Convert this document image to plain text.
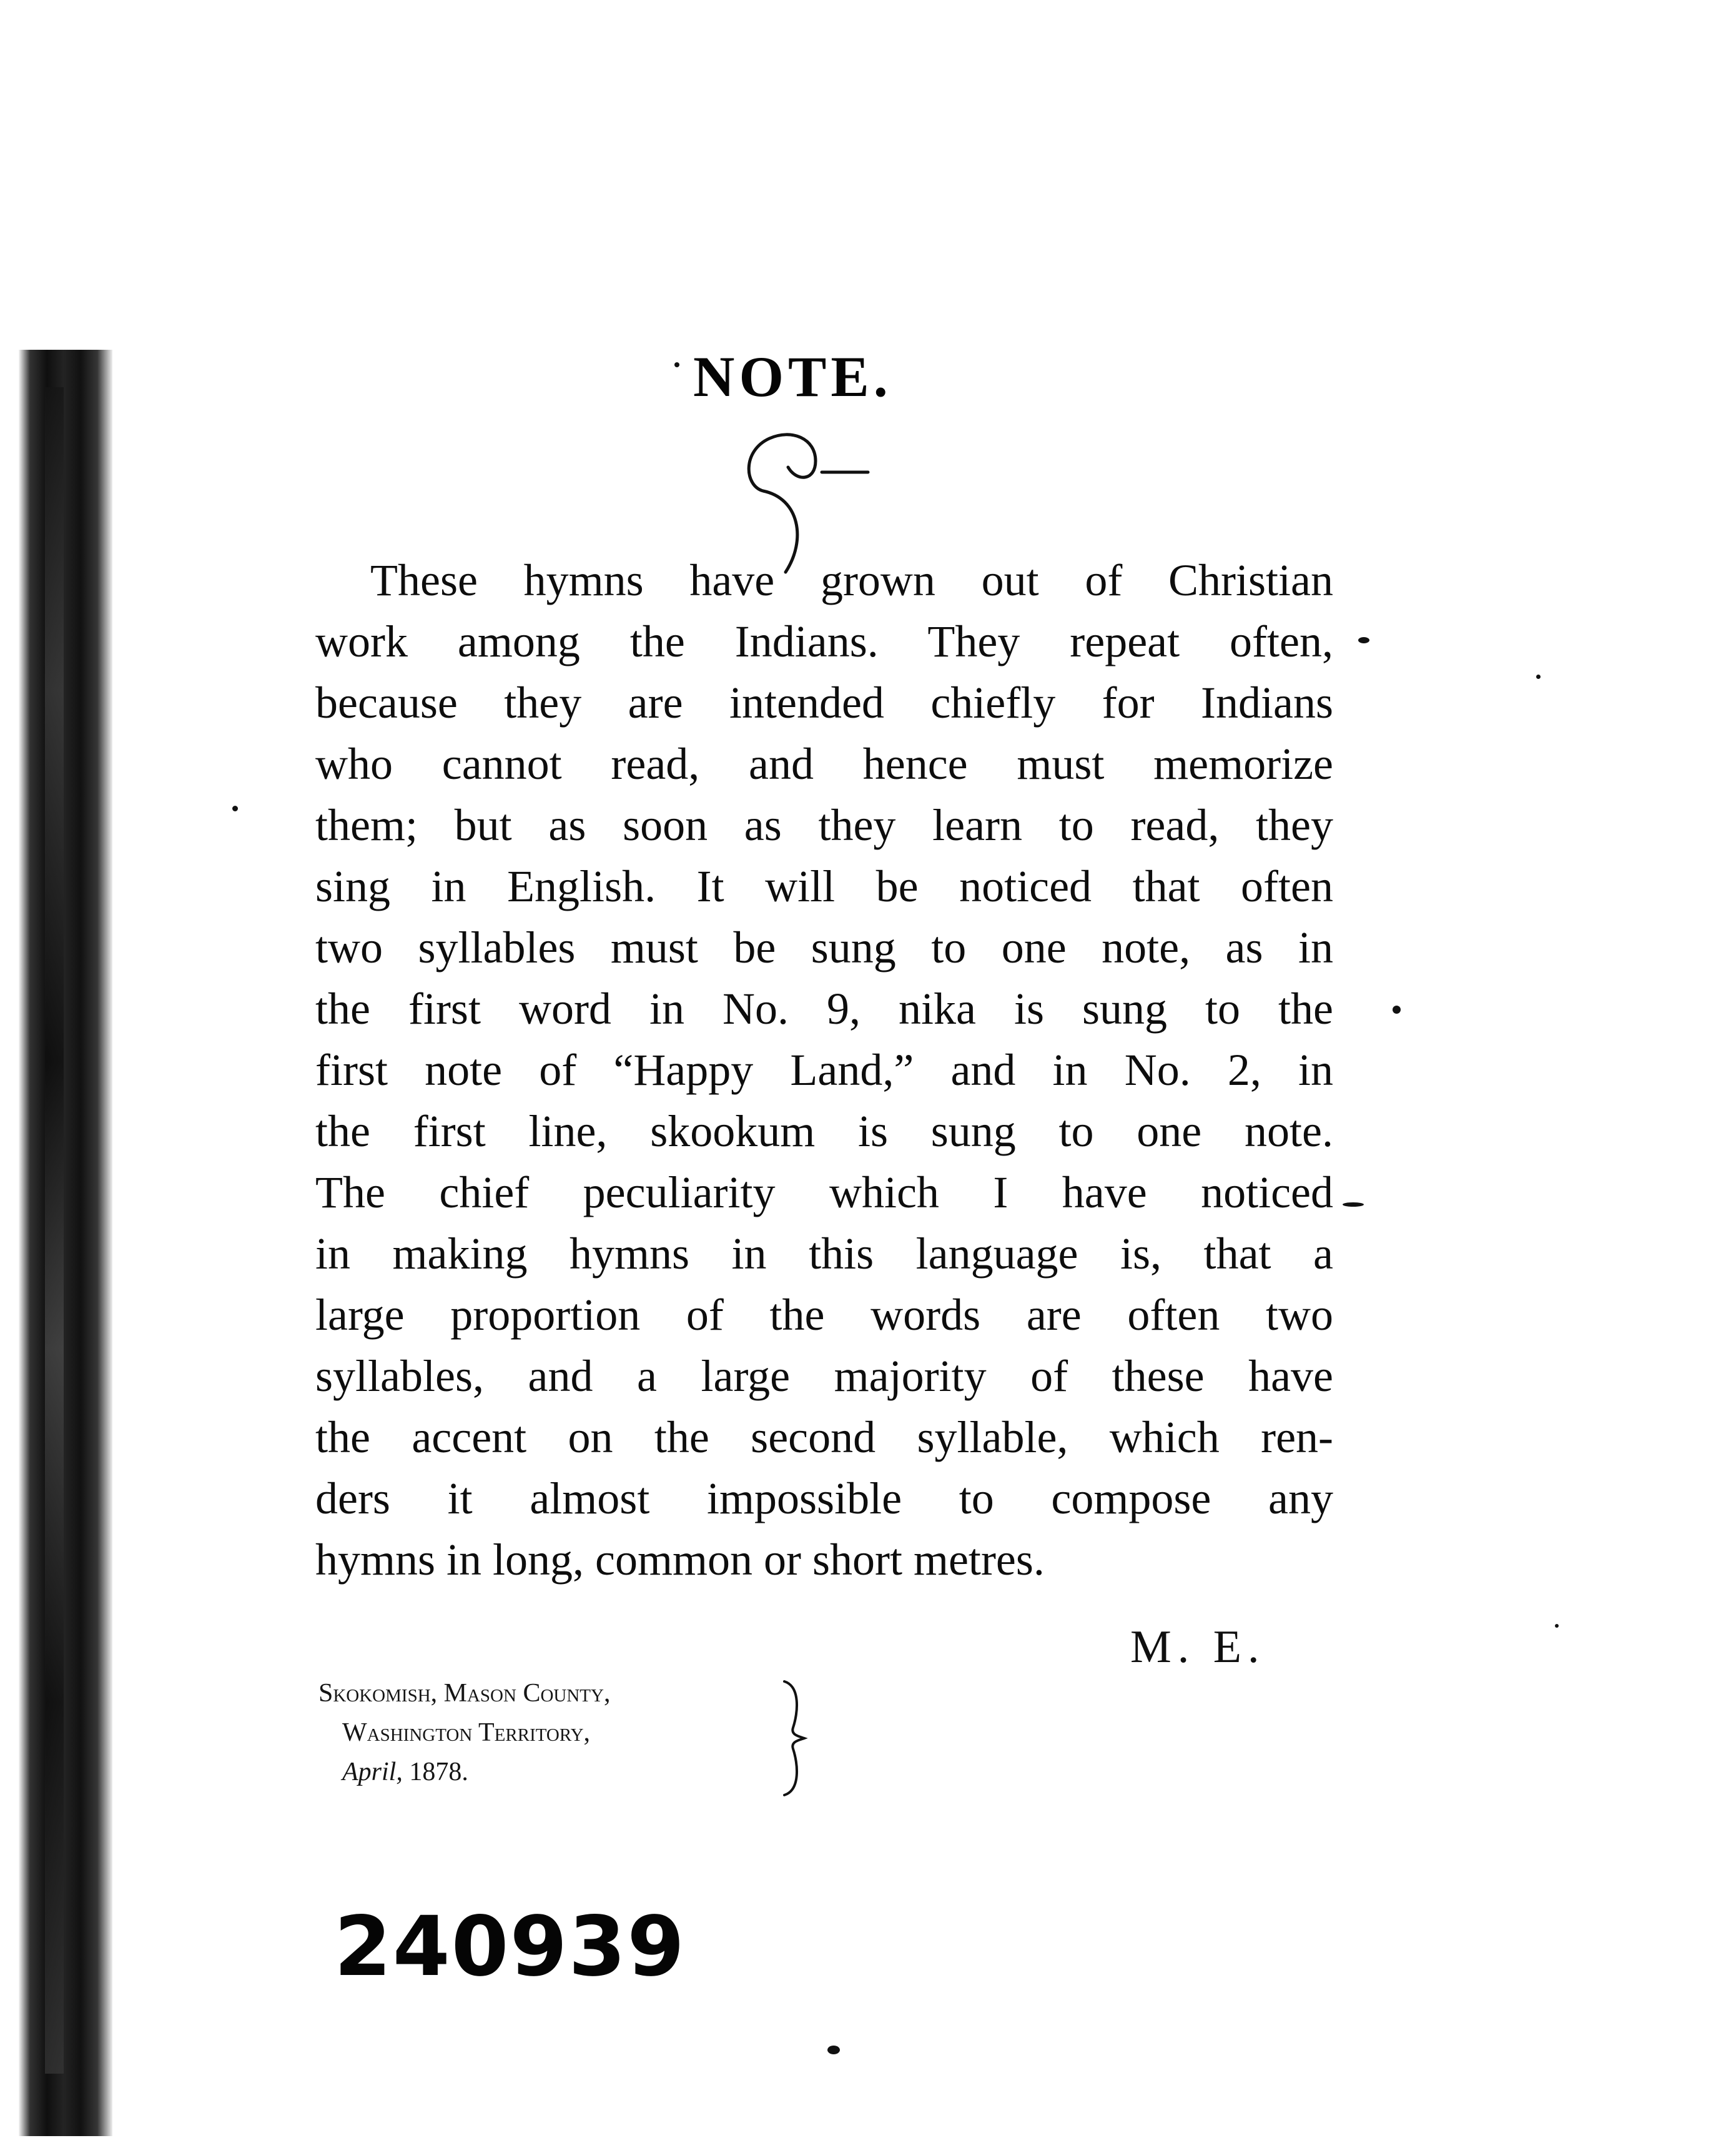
NOTE.
These hymns have grown out of Christian
work among the Indians. They repeat often,
because they are intended chiefly for Indians
who cannot read, and hence must memorize
them; but as soon as they learn to read, they
sing in English. It will be noticed that often
two syllables must be sung to one note, as in
the first word in No. 9, nika is sung to the
first note of “Happy Land,” and in No. 2, in
the first line, skookum is sung to one note.
The chief peculiarity which I have noticed
in making hymns in this language is, that a
large proportion of the words are often two
syllables, and a large majority of these have
the accent on the second syllable, which ren-
ders it almost impossible to compose any
hymns in long, common or short metres.
M. E.
Skokomish, Mason County,
Washington Territory,
April, 1878.
240939
